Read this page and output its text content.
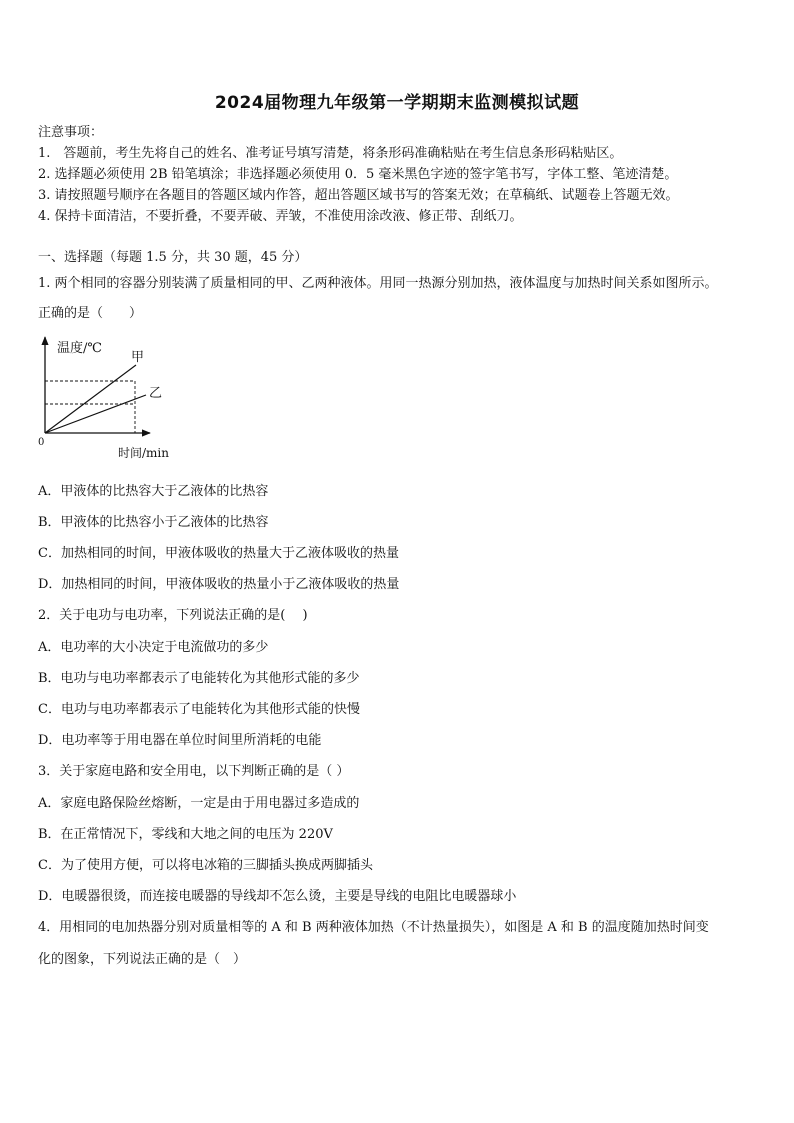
2024届物理九年级第一学期期末监测模拟试题
注意事项：
1.　答题前，考生先将自己的姓名、准考证号填写清楚，将条形码准确粘贴在考生信息条形码粘贴区。
2. 选择题必须使用 2B 铅笔填涂；非选择题必须使用 0．5 毫米黑色字迹的签字笔书写，字体工整、笔迹清楚。
3. 请按照题号顺序在各题目的答题区域内作答，超出答题区域书写的答案无效；在草稿纸、试题卷上答题无效。
4. 保持卡面清洁，不要折叠，不要弄破、弄皱，不准使用涂改液、修正带、刮纸刀。
一、选择题（每题 1.5 分，共 30 题，45 分）
1. 两个相同的容器分别装满了质量相同的甲、乙两种液体。用同一热源分别加热，液体温度与加热时间关系如图所示。
正确的是（　　）
温度/℃
甲
乙
0
时间/min
A．甲液体的比热容大于乙液体的比热容
B．甲液体的比热容小于乙液体的比热容
C．加热相同的时间，甲液体吸收的热量大于乙液体吸收的热量
D．加热相同的时间，甲液体吸收的热量小于乙液体吸收的热量
2．关于电功与电功率，下列说法正确的是(　 )
A．电功率的大小决定于电流做功的多少
B．电功与电功率都表示了电能转化为其他形式能的多少
C．电功与电功率都表示了电能转化为其他形式能的快慢
D．电功率等于用电器在单位时间里所消耗的电能
3．关于家庭电路和安全用电，以下判断正确的是（ ）
A．家庭电路保险丝熔断，一定是由于用电器过多造成的
B．在正常情况下，零线和大地之间的电压为 220V
C．为了使用方便，可以将电冰箱的三脚插头换成两脚插头
D．电暖器很烫，而连接电暖器的导线却不怎么烫，主要是导线的电阻比电暖器球小
4．用相同的电加热器分别对质量相等的 A 和 B 两种液体加热（不计热量损失），如图是 A 和 B 的温度随加热时间变
化的图象，下列说法正确的是（　）
